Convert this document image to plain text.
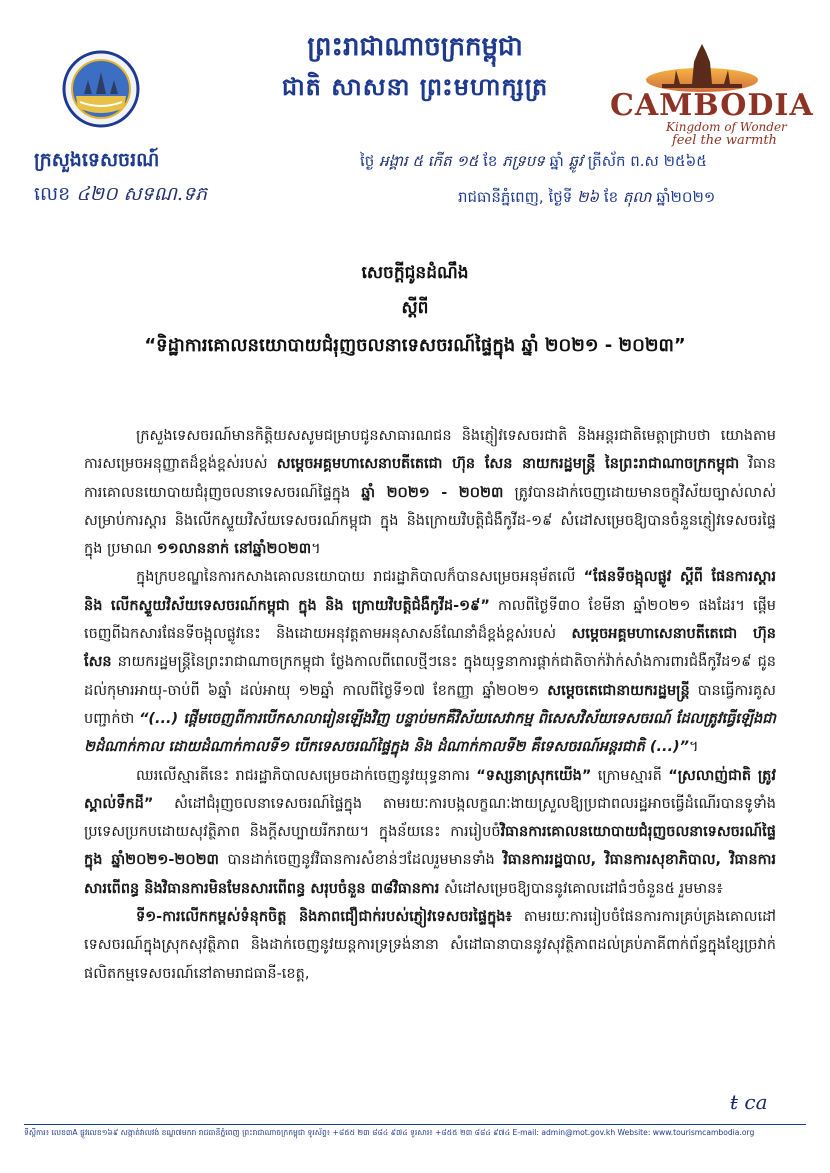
ព្រះរាជាណាចក្រកម្ពុជា
ជាតិ សាសនា ព្រះមហាក្សត្រ
CAMBODIA
Kingdom of Wonder
feel the warmth
ក្រសួងទេសចរណ៍
លេខ ៤២០ សទណ.ទភ
ថ្ងៃ អង្គារ ៥ កើត ១៥ ខែ ភទ្របទ ឆ្នាំ ឆ្លូវ ត្រីស័ក ព.ស ២៥៦៥
រាជធានីភ្នំពេញ, ថ្ងៃទី ២៦ ខែ តុលា ឆ្នាំ២០២១
សេចក្តីជូនដំណឹង
ស្តីពី
“ទិដ្ឋាការគោលនយោបាយជំរុញចលនាទេសចរណ៍ផ្ទៃក្នុង ឆ្នាំ ២០២១ - ២០២៣”

ក្រសួងទេសចរណ៍មានកិត្តិយសសូមជម្រាបជូនសាធារណជន និងភ្ញៀវទេសចរជាតិ និងអន្តរជាតិមេត្តាជ្រាបថា យោងតាមការសម្រេចអនុញ្ញាតដ៏ខ្ពង់ខ្ពស់របស់ សម្តេចអគ្គមហាសេនាបតីតេជោ ហ៊ុន សែន នាយករដ្ឋមន្ត្រី នៃព្រះរាជាណាចក្រកម្ពុជា វិធានការគោលនយោបាយជំរុញចលនាទេសចរណ៍ផ្ទៃក្នុង ឆ្នាំ ២០២១ - ២០២៣ ត្រូវបានដាក់ចេញដោយមានចក្ខុវិស័យច្បាស់លាស់ សម្រាប់ការស្តារ និងលើកស្ទួយវិស័យទេសចរណ៍កម្ពុជា ក្នុង និងក្រោយវិបត្តិជំងឺកូវីដ-១៩ សំដៅសម្រេចឱ្យបានចំនួនភ្ញៀវទេសចរផ្ទៃក្នុង ប្រមាណ ១១លាននាក់ នៅឆ្នាំ២០២៣។

ក្នុងក្របខណ្ឌនៃការកសាងគោលនយោបាយ រាជរដ្ឋាភិបាលក៏បានសម្រេចអនុម័តលើ “ផែនទីចង្អុលផ្លូវ ស្តីពី ផែនការស្តារ និង លើកស្ទួយវិស័យទេសចរណ៍កម្ពុជា ក្នុង និង ក្រោយវិបត្តិជំងឺកូវីដ-១៩” កាលពីថ្ងៃទី៣០ ខែមីនា ឆ្នាំ២០២១ ផងដែរ។ ផ្តើមចេញពីឯកសារផែនទីចង្អុលផ្លូវនេះ និងដោយអនុវត្តតាមអនុសាសន៍ណែនាំដ៏ខ្ពង់ខ្ពស់របស់ សម្តេចអគ្គមហាសេនាបតីតេជោ ហ៊ុន សែន នាយករដ្ឋមន្ត្រីនៃព្រះរាជាណាចក្រកម្ពុជា ថ្លែងកាលពីពេលថ្មីៗនេះ ក្នុងយុទ្ធនាការផ្តាក់ជាតិចាក់វ៉ាក់សាំងការពារជំងឺកូវីដ១៩ ជូនដល់កុមារអាយុ-ចាប់ពី ៦ឆ្នាំ ដល់អាយុ ១២ឆ្នាំ កាលពីថ្ងៃទី១៧ ខែកញ្ញា ឆ្នាំ២០២១ សម្តេចតេជោនាយករដ្ឋមន្ត្រី បានធ្វើការគូសបញ្ជាក់ថា “(...) ផ្តើមចេញពីការបើកសាលារៀនឡើងវិញ បន្ទាប់មកគឺវិស័យសេវាកម្ម ពិសេសវិស័យទេសចរណ៍ ដែលត្រូវធ្វើឡើងជា ២ដំណាក់កាល ដោយដំណាក់កាលទី១ បើកទេសចរណ៍ផ្ទៃក្នុង និង ដំណាក់កាលទី២ គឺទេសចរណ៍អន្តរជាតិ (...)”។

ឈរលើស្មារតីនេះ រាជរដ្ឋាភិបាលសម្រេចដាក់ចេញនូវយុទ្ធនាការ “ទស្សនាស្រុកយើង” ក្រោមស្មារតី “ស្រលាញ់ជាតិ ត្រូវស្គាល់ទឹកដី” សំដៅជំរុញចលនាទេសចរណ៍ផ្ទៃក្នុង តាមរយៈការបង្កលក្ខណៈងាយស្រួលឱ្យប្រជាពលរដ្ឋអាចធ្វើដំណើរបានទូទាំងប្រទេសប្រកបដោយសុវត្ថិភាព និងក្តីសប្បាយរីករាយ។ ក្នុងន័យនេះ ការរៀបចំវិធានការគោលនយោបាយជំរុញចលនាទេសចរណ៍ផ្ទៃក្នុង ឆ្នាំ២០២១-២០២៣ បានដាក់ចេញនូវវិធានការសំខាន់ៗដែលរួមមានទាំង វិធានការរដ្ឋបាល, វិធានការសុខាភិបាល, វិធានការសារពើពន្ធ និងវិធានការមិនមែនសារពើពន្ធ សរុបចំនួន ៣៨វិធានការ សំដៅសម្រេចឱ្យបាននូវគោលដៅធំៗចំនួន៥ រួមមាន៖

ទី១-ការលើកកម្ពស់ទំនុកចិត្ត និងភាពជឿជាក់របស់ភ្ញៀវទេសចរផ្ទៃក្នុង៖ តាមរយៈការរៀបចំផែនការការគ្រប់គ្រងគោលដៅទេសចរណ៍ក្នុងស្រុកសុវត្ថិភាព និងដាក់ចេញនូវយន្តការទ្រទ្រង់នានា សំដៅធានាបាននូវសុវត្ថិភាពដល់គ្រប់ភាគីពាក់ព័ន្ធក្នុងខ្សែច្រវាក់ផលិតកម្មទេសចរណ៍នៅតាមរាជធានី-ខេត្ត,

ŧ ca
ទីស្តីការ៖ លេខ៣A ផ្លូវលេខ១៦៩ សង្កាត់វាលវង់ ខណ្ឌ៧មករា រាជធានីភ្នំពេញ ព្រះរាជាណាចក្រកម្ពុជា ទូរស័ព្ទ៖ +៨៥៥ ២៣ ៨៨៤ ៩៧៤ ទូរសារ៖ +៨៥៥ ២៣ ៨៨៤ ៩៧៤ E-mail: admin@mot.gov.kh Website: www.tourismcambodia.org
